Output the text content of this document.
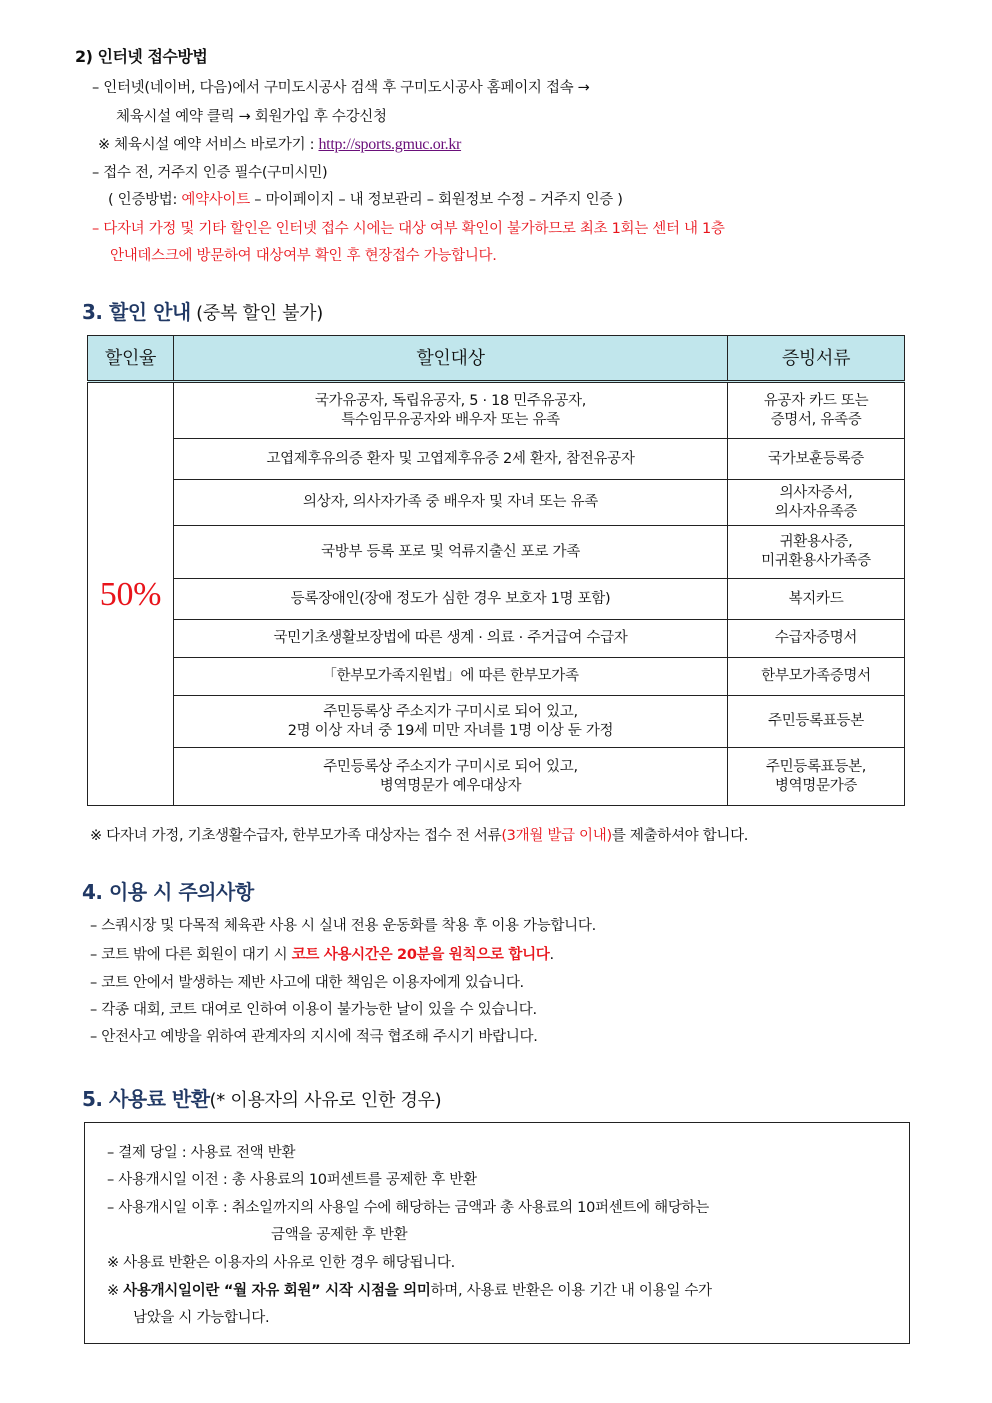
2) 인터넷 접수방법
– 인터넷(네이버, 다음)에서 구미도시공사 검색 후 구미도시공사 홈페이지 접속 →
체육시설 예약 클릭 → 회원가입 후 수강신청
※ 체육시설 예약 서비스 바로가기 : http://sports.gmuc.or.kr
– 접수 전, 거주지 인증 필수(구미시민)
( 인증방법: 예약사이트 – 마이페이지 – 내 정보관리 – 회원정보 수정 – 거주지 인증 )
– 다자녀 가정 및 기타 할인은 인터넷 접수 시에는 대상 여부 확인이 불가하므로 최초 1회는 센터 내 1층
안내데스크에 방문하여 대상여부 확인 후 현장접수 가능합니다.
3. 할인 안내 (중복 할인 불가)
할인율	할인대상	증빙서류
50%	국가유공자, 독립유공자, 5 · 18 민주유공자,
특수임무유공자와 배우자 또는 유족	유공자 카드 또는
증명서, 유족증
	고엽제후유의증 환자 및 고엽제후유증 2세 환자, 참전유공자	국가보훈등록증
	의상자, 의사자가족 중 배우자 및 자녀 또는 유족	의사자증서,
의사자유족증
	국방부 등록 포로 및 억류지출신 포로 가족	귀환용사증,
미귀환용사가족증
	등록장애인(장애 정도가 심한 경우 보호자 1명 포함)	복지카드
	국민기초생활보장법에 따른 생계 · 의료 · 주거급여 수급자	수급자증명서
	「한부모가족지원법」에 따른 한부모가족	한부모가족증명서
	주민등록상 주소지가 구미시로 되어 있고,
2명 이상 자녀 중 19세 미만 자녀를 1명 이상 둔 가정	주민등록표등본
	주민등록상 주소지가 구미시로 되어 있고,
병역명문가 예우대상자	주민등록표등본,
병역명문가증
※ 다자녀 가정, 기초생활수급자, 한부모가족 대상자는 접수 전 서류(3개월 발급 이내)를 제출하셔야 합니다.
4. 이용 시 주의사항
– 스쿼시장 및 다목적 체육관 사용 시 실내 전용 운동화를 착용 후 이용 가능합니다.
– 코트 밖에 다른 회원이 대기 시 코트 사용시간은 20분을 원칙으로 합니다.
– 코트 안에서 발생하는 제반 사고에 대한 책임은 이용자에게 있습니다.
– 각종 대회, 코트 대여로 인하여 이용이 불가능한 날이 있을 수 있습니다.
– 안전사고 예방을 위하여 관계자의 지시에 적극 협조해 주시기 바랍니다.
5. 사용료 반환(* 이용자의 사유로 인한 경우)
– 결제 당일 : 사용료 전액 반환
– 사용개시일 이전 : 총 사용료의 10퍼센트를 공제한 후 반환
– 사용개시일 이후 : 취소일까지의 사용일 수에 해당하는 금액과 총 사용료의 10퍼센트에 해당하는
금액을 공제한 후 반환
※ 사용료 반환은 이용자의 사유로 인한 경우 해당됩니다.
※ 사용개시일이란 “월 자유 회원” 시작 시점을 의미하며, 사용료 반환은 이용 기간 내 이용일 수가
남았을 시 가능합니다.
